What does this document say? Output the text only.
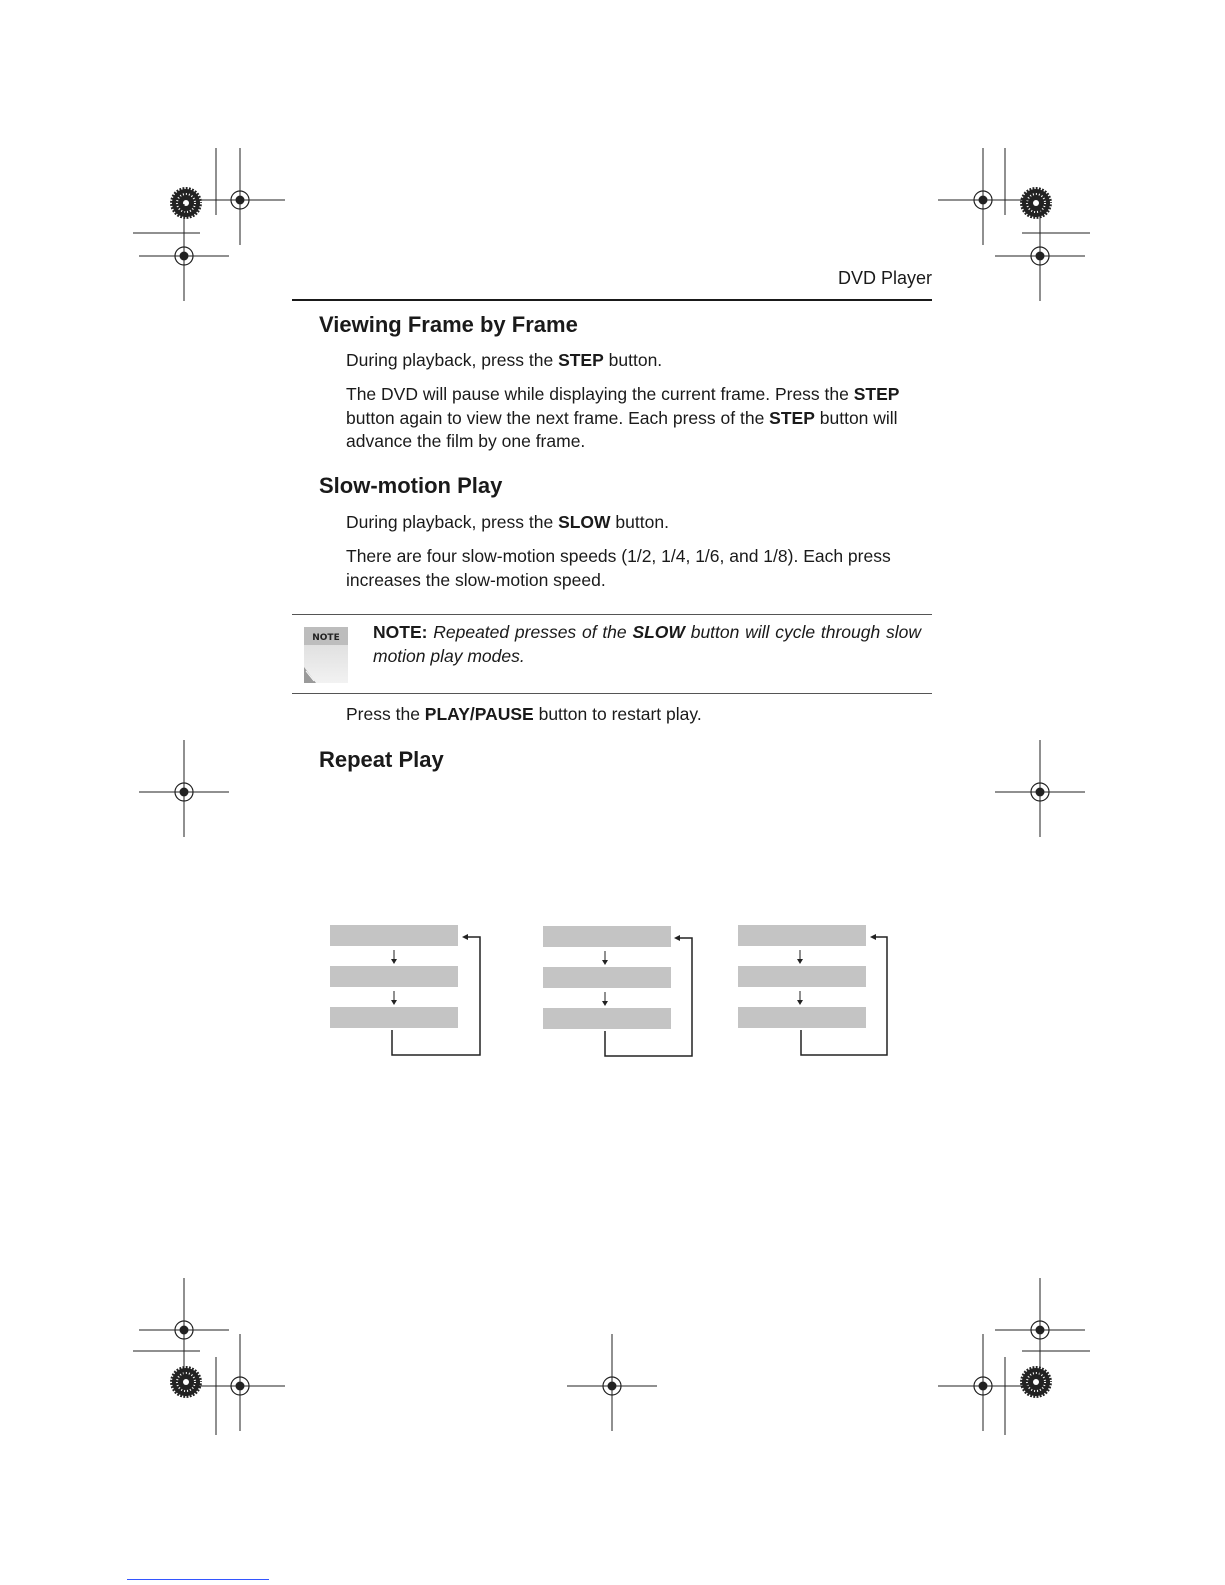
DVD Player
Viewing Frame by Frame
During playback, press the STEP button.
The DVD will pause while displaying the current frame. Press the STEP button again to view the next frame. Each press of the STEP button will advance the film by one frame.
Slow-motion Play
During playback, press the SLOW button.
There are four slow-motion speeds (1/2, 1/4, 1/6, and 1/8). Each press increases the slow-motion speed.
NOTE NOTE: Repeated presses of the SLOW button will cycle through slow motion play modes.
Press the PLAY/PAUSE button to restart play.
Repeat Play
